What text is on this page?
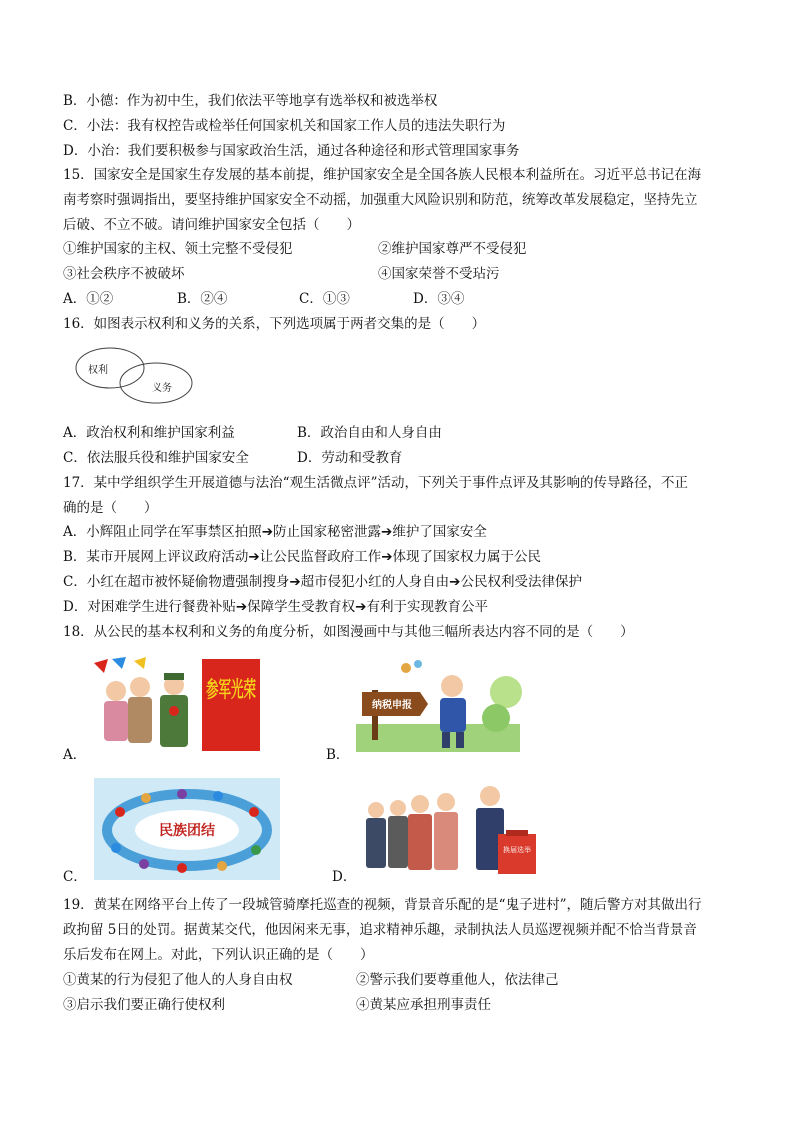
B．小德：作为初中生，我们依法平等地享有选举权和被选举权
C．小法：我有权控告或检举任何国家机关和国家工作人员的违法失职行为
D．小治：我们要积极参与国家政治生活，通过各种途径和形式管理国家事务
15．国家安全是国家生存发展的基本前提，维护国家安全是全国各族人民根本利益所在。习近平总书记在海
南考察时强调指出，要坚持维护国家安全不动摇，加强重大风险识别和防范，统筹改革发展稳定，坚持先立
后破、不立不破。请问维护国家安全包括（　　）
①维护国家的主权、领土完整不受侵犯	②维护国家尊严不受侵犯
③社会秩序不被破坏	④国家荣誉不受玷污
A．①②	B．②④	C．①③	D．③④
16．如图表示权利和义务的关系，下列选项属于两者交集的是（　　）
权利
义务
A．政治权利和维护国家利益	B．政治自由和人身自由
C．依法服兵役和维护国家安全	D．劳动和受教育
17．某中学组织学生开展道德与法治“观生活微点评”活动，下列关于事件点评及其影响的传导路径，不正
确的是（　　）
A．小辉阻止同学在军事禁区拍照➔防止国家秘密泄露➔维护了国家安全
B．某市开展网上评议政府活动➔让公民监督政府工作➔体现了国家权力属于公民
C．小红在超市被怀疑偷物遭强制搜身➔超市侵犯小红的人身自由➔公民权利受法律保护
D．对困难学生进行餐费补贴➔保障学生受教育权➔有利于实现教育公平
18．从公民的基本权利和义务的角度分析，如图漫画中与其他三幅所表达内容不同的是（　　）
A．
参军光荣
B．
纳税申报
C．
民族团结
D．
换届选举
19．黄某在网络平台上传了一段城管骑摩托巡查的视频，背景音乐配的是“鬼子进村”，随后警方对其做出行
政拘留 5日的处罚。据黄某交代，他因闲来无事，追求精神乐趣，录制执法人员巡逻视频并配不恰当背景音
乐后发布在网上。对此，下列认识正确的是（　　）
①黄某的行为侵犯了他人的人身自由权	②警示我们要尊重他人，依法律己
③启示我们要正确行使权利	④黄某应承担刑事责任
